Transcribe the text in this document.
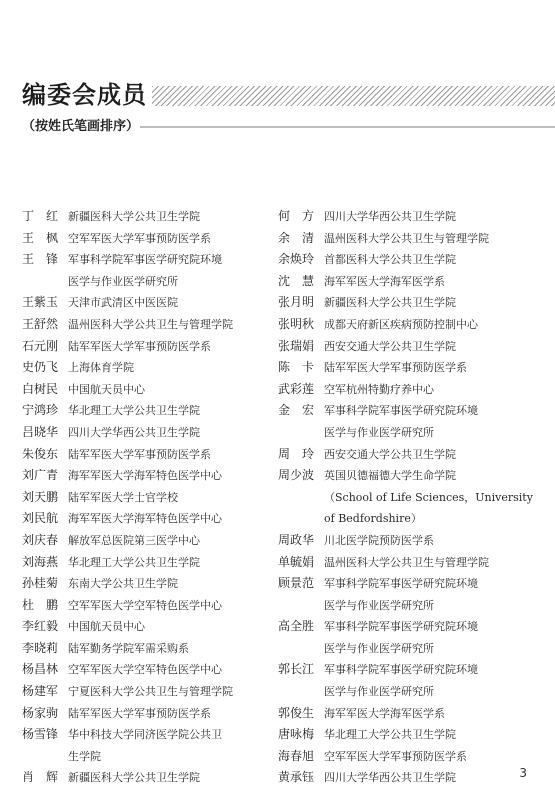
编委会成员
（按姓氏笔画排序）
丁　红 新疆医科大学公共卫生学院
王　枫 空军军医大学军事预防医学系
王　锋 军事科学院军事医学研究院环境
医学与作业医学研究所
王紫玉 天津市武清区中医医院
王舒然 温州医科大学公共卫生与管理学院
石元刚 陆军军医大学军事预防医学系
史仍飞 上海体育学院
白树民 中国航天员中心
宁鸿珍 华北理工大学公共卫生学院
吕晓华 四川大学华西公共卫生学院
朱俊东 陆军军医大学军事预防医学系
刘广青 海军军医大学海军特色医学中心
刘天鹏 陆军军医大学士官学校
刘民航 海军军医大学海军特色医学中心
刘庆春 解放军总医院第三医学中心
刘海燕 华北理工大学公共卫生学院
孙桂菊 东南大学公共卫生学院
杜　鹏 空军军医大学空军特色医学中心
李红毅 中国航天员中心
李晓莉 陆军勤务学院军需采购系
杨昌林 空军军医大学空军特色医学中心
杨建军 宁夏医科大学公共卫生与管理学院
杨家驹 陆军军医大学军事预防医学系
杨雪锋 华中科技大学同济医学院公共卫
生学院
肖　辉 新疆医科大学公共卫生学院
何　方 四川大学华西公共卫生学院
余　清 温州医科大学公共卫生与管理学院
余焕玲 首都医科大学公共卫生学院
沈　慧 海军军医大学海军医学系
张月明 新疆医科大学公共卫生学院
张明秋 成都天府新区疾病预防控制中心
张瑞娟 西安交通大学公共卫生学院
陈　卡 陆军军医大学军事预防医学系
武彩莲 空军杭州特勤疗养中心
金　宏 军事科学院军事医学研究院环境
医学与作业医学研究所
周　玲 西安交通大学公共卫生学院
周少波 英国贝德福德大学生命学院
（School of Life Sciences，University
of Bedfordshire）
周政华 川北医学院预防医学系
单毓娟 温州医科大学公共卫生与管理学院
顾景范 军事科学院军事医学研究院环境
医学与作业医学研究所
高全胜 军事科学院军事医学研究院环境
医学与作业医学研究所
郭长江 军事科学院军事医学研究院环境
医学与作业医学研究所
郭俊生 海军军医大学海军医学系
唐咏梅 华北理工大学公共卫生学院
海春旭 空军军医大学军事预防医学系
黄承钰 四川大学华西公共卫生学院	3
